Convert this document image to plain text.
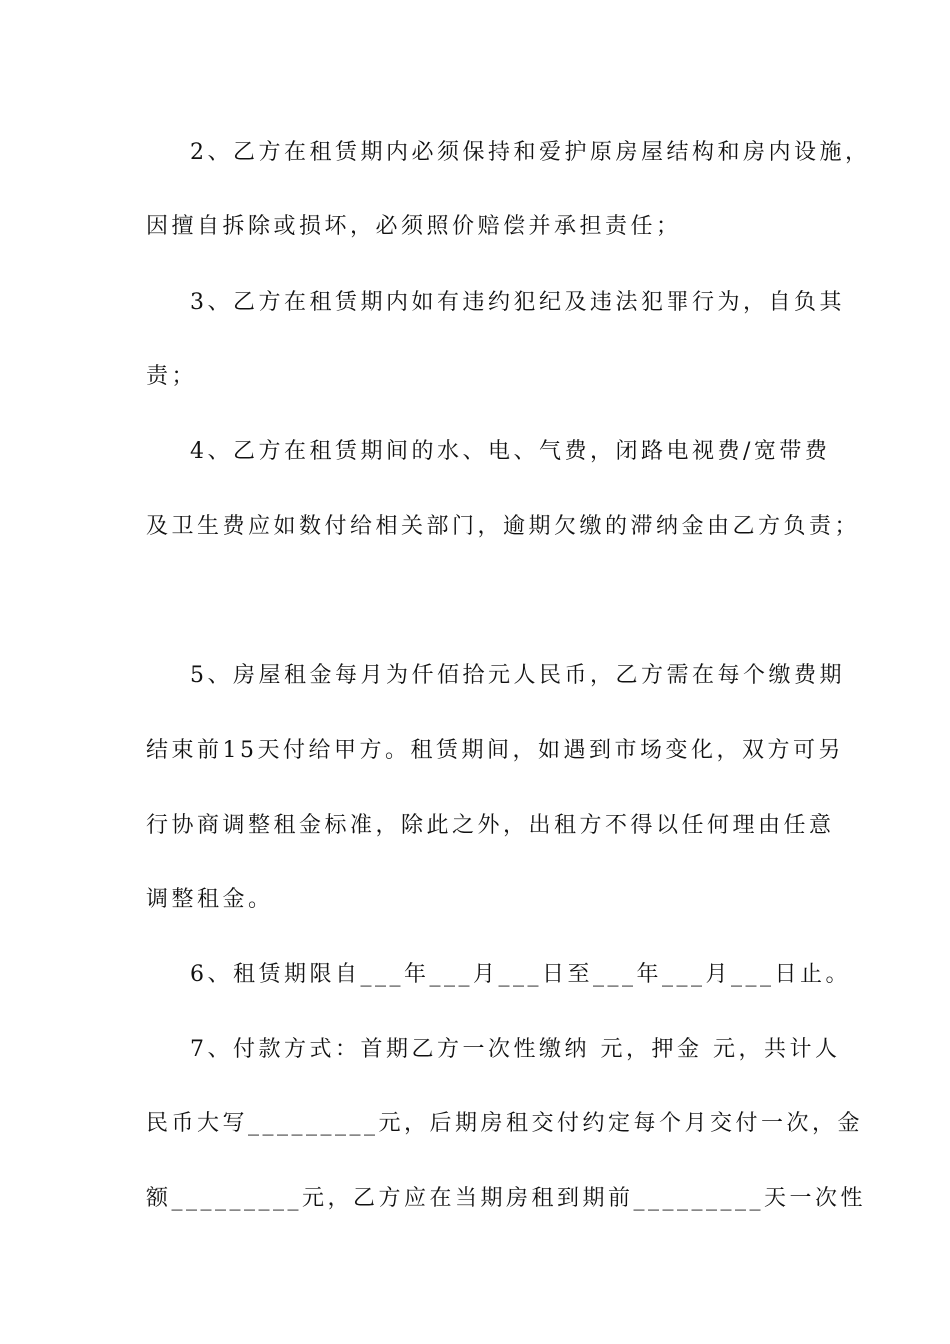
2、乙方在租赁期内必须保持和爱护原房屋结构和房内设施，
因擅自拆除或损坏，必须照价赔偿并承担责任；
3、乙方在租赁期内如有违约犯纪及违法犯罪行为，自负其
责；
4、乙方在租赁期间的水、电、气费，闭路电视费/宽带费
及卫生费应如数付给相关部门，逾期欠缴的滞纳金由乙方负责；
5、房屋租金每月为仟佰拾元人民币，乙方需在每个缴费期
结束前15天付给甲方。租赁期间，如遇到市场变化，双方可另
行协商调整租金标准，除此之外，出租方不得以任何理由任意
调整租金。
6、租赁期限自___年___月___日至___年___月___日止。
7、付款方式：首期乙方一次性缴纳 元，押金 元，共计人
民币大写_________元，后期房租交付约定每个月交付一次，金
额_________元，乙方应在当期房租到期前_________天一次性
